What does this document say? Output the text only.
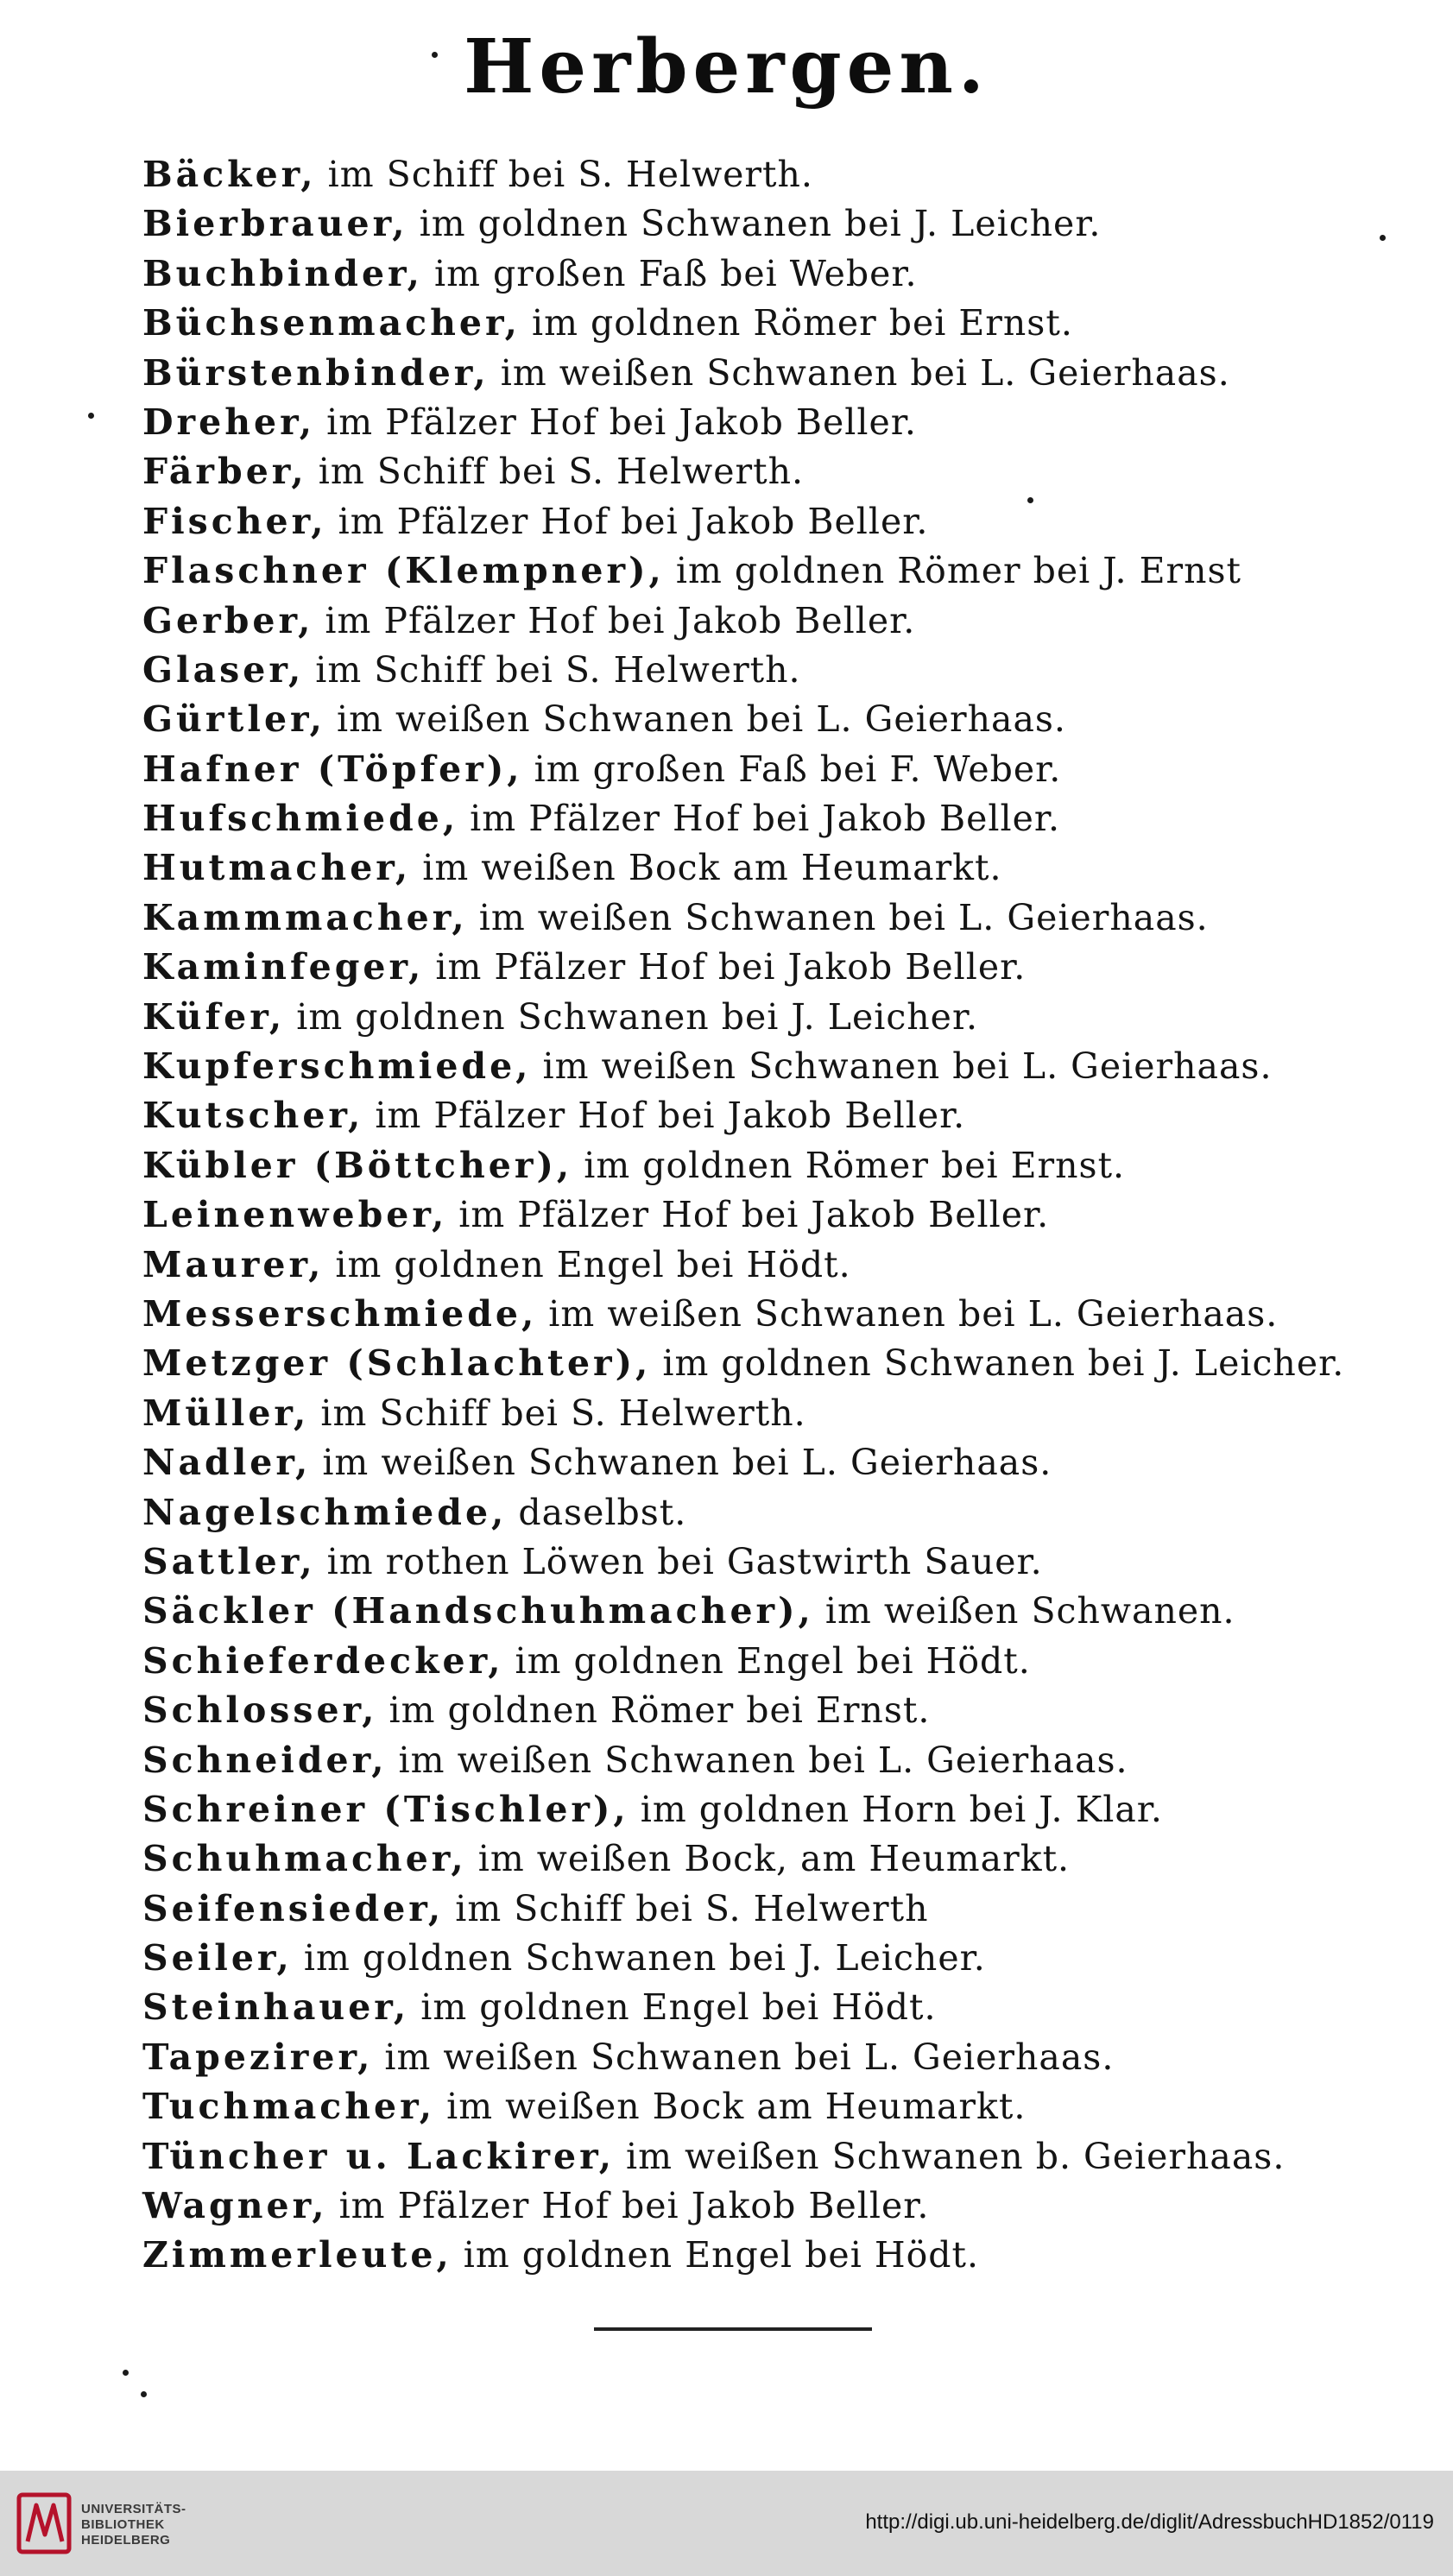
Herbergen.
Bäcker, im Schiff bei S. Helwerth.
Bierbrauer, im goldnen Schwanen bei J. Leicher.
Buchbinder, im großen Faß bei Weber.
Büchsenmacher, im goldnen Römer bei Ernst.
Bürstenbinder, im weißen Schwanen bei L. Geierhaas.
Dreher, im Pfälzer Hof bei Jakob Beller.
Färber, im Schiff bei S. Helwerth.
Fischer, im Pfälzer Hof bei Jakob Beller.
Flaschner (Klempner), im goldnen Römer bei J. Ernst
Gerber, im Pfälzer Hof bei Jakob Beller.
Glaser, im Schiff bei S. Helwerth.
Gürtler, im weißen Schwanen bei L. Geierhaas.
Hafner (Töpfer), im großen Faß bei F. Weber.
Hufschmiede, im Pfälzer Hof bei Jakob Beller.
Hutmacher, im weißen Bock am Heumarkt.
Kammmacher, im weißen Schwanen bei L. Geierhaas.
Kaminfeger, im Pfälzer Hof bei Jakob Beller.
Küfer, im goldnen Schwanen bei J. Leicher.
Kupferschmiede, im weißen Schwanen bei L. Geierhaas.
Kutscher, im Pfälzer Hof bei Jakob Beller.
Kübler (Böttcher), im goldnen Römer bei Ernst.
Leinenweber, im Pfälzer Hof bei Jakob Beller.
Maurer, im goldnen Engel bei Hödt.
Messerschmiede, im weißen Schwanen bei L. Geierhaas.
Metzger (Schlachter), im goldnen Schwanen bei J. Leicher.
Müller, im Schiff bei S. Helwerth.
Nadler, im weißen Schwanen bei L. Geierhaas.
Nagelschmiede, daselbst.
Sattler, im rothen Löwen bei Gastwirth Sauer.
Säckler (Handschuhmacher), im weißen Schwanen.
Schieferdecker, im goldnen Engel bei Hödt.
Schlosser, im goldnen Römer bei Ernst.
Schneider, im weißen Schwanen bei L. Geierhaas.
Schreiner (Tischler), im goldnen Horn bei J. Klar.
Schuhmacher, im weißen Bock, am Heumarkt.
Seifensieder, im Schiff bei S. Helwerth
Seiler, im goldnen Schwanen bei J. Leicher.
Steinhauer, im goldnen Engel bei Hödt.
Tapezirer, im weißen Schwanen bei L. Geierhaas.
Tuchmacher, im weißen Bock am Heumarkt.
Tüncher u. Lackirer, im weißen Schwanen b. Geierhaas.
Wagner, im Pfälzer Hof bei Jakob Beller.
Zimmerleute, im goldnen Engel bei Hödt.
UNIVERSITÄTS-
BIBLIOTHEK
HEIDELBERG
http://digi.ub.uni-heidelberg.de/diglit/AdressbuchHD1852/0119
